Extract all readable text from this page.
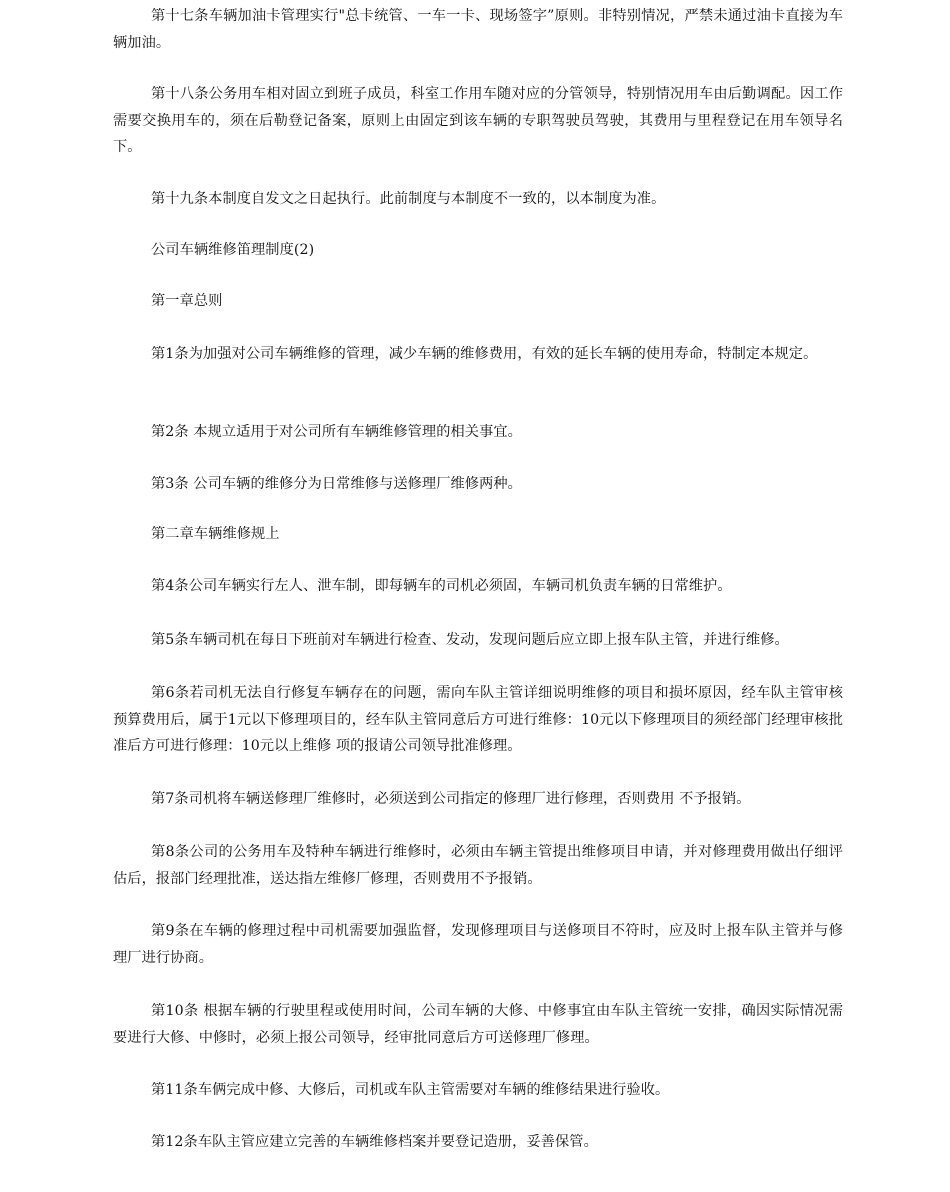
第十七条车辆加油卡管理实行"总卡统管、一车一卡、现场签字”原则。非特别情况，严禁未通过油卡直接为车辆加油。

第十八条公务用车相对固立到班子成员，科室工作用车随对应的分管领导，特别情况用车由后勤调配。因工作需要交换用车的，须在后勒登记备案，原则上由固定到该车辆的专职驾驶员驾驶，其费用与里程登记在用车领导名下。

第十九条本制度自发文之日起执行。此前制度与本制度不一致的，以本制度为准。

公司车辆维修笛理制度(2)

第一章总则

第1条为加强对公司车辆维修的管理，减少车辆的维修费用，有效的延长车辆的使用寿命，特制定本规定。

第2条 本规立适用于对公司所有车辆维修管理的相关事宜。

第3条 公司车辆的维修分为日常维修与送修理厂维修两种。

第二章车辆维修规上

第4条公司车辆实行左人、泄车制，即每辆车的司机必须固，车辆司机负责车辆的日常维护。

第5条车辆司机在每日下班前对车辆进行检查、发动，发现问题后应立即上报车队主管，并进行维修。

第6条若司机无法自行修复车辆存在的问题，需向车队主管详细说明维修的项目和损坏原因，经车队主管审核预算费用后，属于1元以下修理项目的，经车队主管同意后方可进行维修：10元以下修理项目的须经部门经理审核批准后方可进行修理：10元以上维修 项的报请公司领导批准修理。

第7条司机将车辆送修理厂维修时，必须送到公司指定的修理厂进行修理，否则费用 不予报销。

第8条公司的公务用车及特种车辆进行维修时，必须由车辆主管提出维修项目申请，并对修理费用做出仔细评估后，报部门经理批准，送达指左维修厂修理，否则费用不予报销。

第9条在车辆的修理过程中司机需要加强监督，发现修理项目与送修项目不符时，应及时上报车队主管并与修理厂进行协商。

第10条 根据车辆的行驶里程或使用时间，公司车辆的大修、中修事宜由车队主管统一安排，确因实际情况需要进行大修、中修时，必须上报公司领导，经审批同意后方可送修理厂修理。

第11条车俩完成中修、大修后，司机或车队主管需要对车辆的维修结果进行验收。

第12条车队主管应建立完善的车辆维修档案并要登记造册，妥善保管。
